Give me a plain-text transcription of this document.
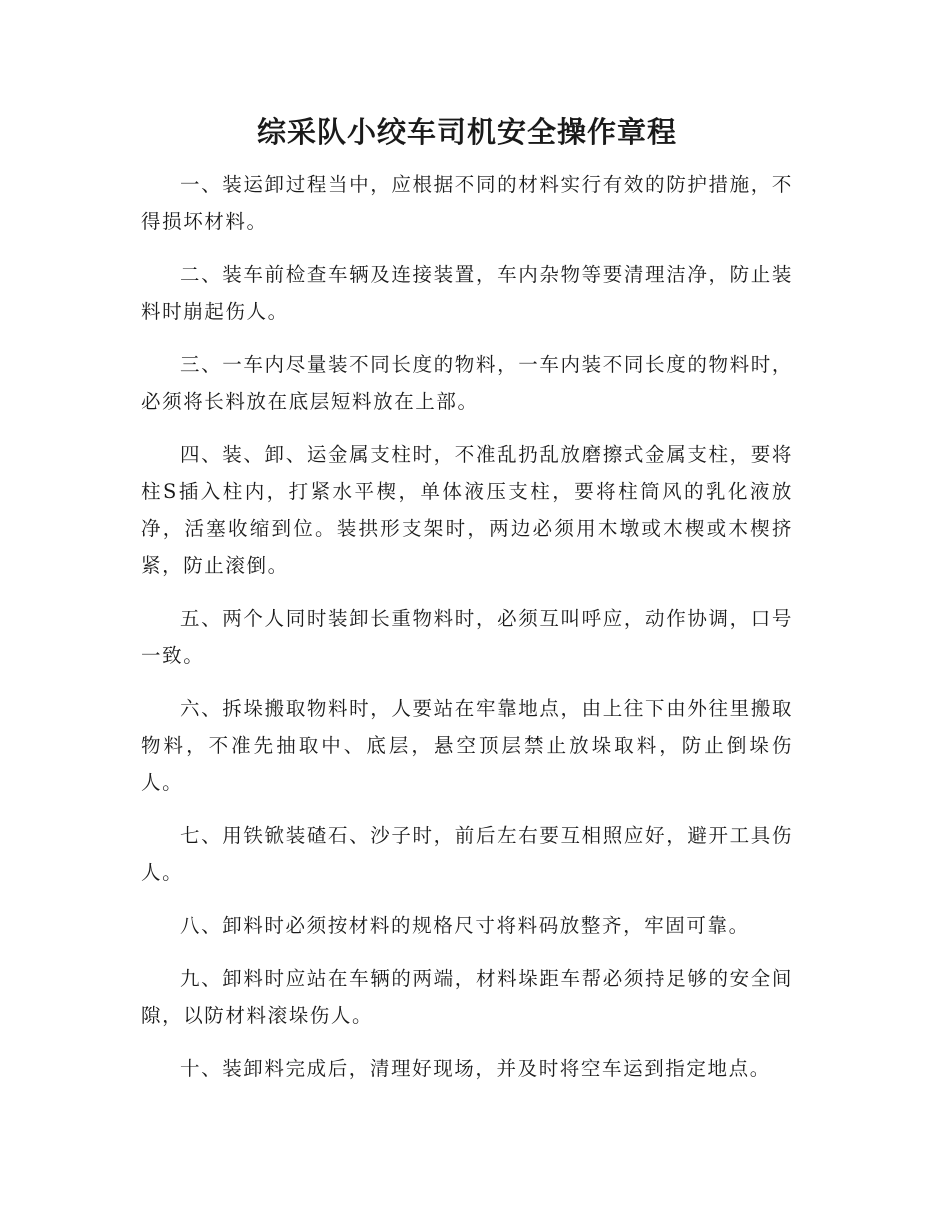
综采队小绞车司机安全操作章程

一、装运卸过程当中，应根据不同的材料实行有效的防护措施，不得损坏材料。

二、装车前检查车辆及连接装置，车内杂物等要清理洁净，防止装料时崩起伤人。

三、一车内尽量装不同长度的物料，一车内装不同长度的物料时，必须将长料放在底层短料放在上部。

四、装、卸、运金属支柱时，不准乱扔乱放磨擦式金属支柱，要将柱S插入柱内，打紧水平楔，单体液压支柱，要将柱筒风的乳化液放净，活塞收缩到位。装拱形支架时，两边必须用木墩或木楔或木楔挤紧，防止滚倒。

五、两个人同时装卸长重物料时，必须互叫呼应，动作协调，口号一致。

六、拆垛搬取物料时，人要站在牢靠地点，由上往下由外往里搬取物料，不准先抽取中、底层，悬空顶层禁止放垛取料，防止倒垛伤人。

七、用铁锨装碴石、沙子时，前后左右要互相照应好，避开工具伤人。

八、卸料时必须按材料的规格尺寸将料码放整齐，牢固可靠。

九、卸料时应站在车辆的两端，材料垛距车帮必须持足够的安全间隙，以防材料滚垛伤人。

十、装卸料完成后，清理好现场，并及时将空车运到指定地点。
